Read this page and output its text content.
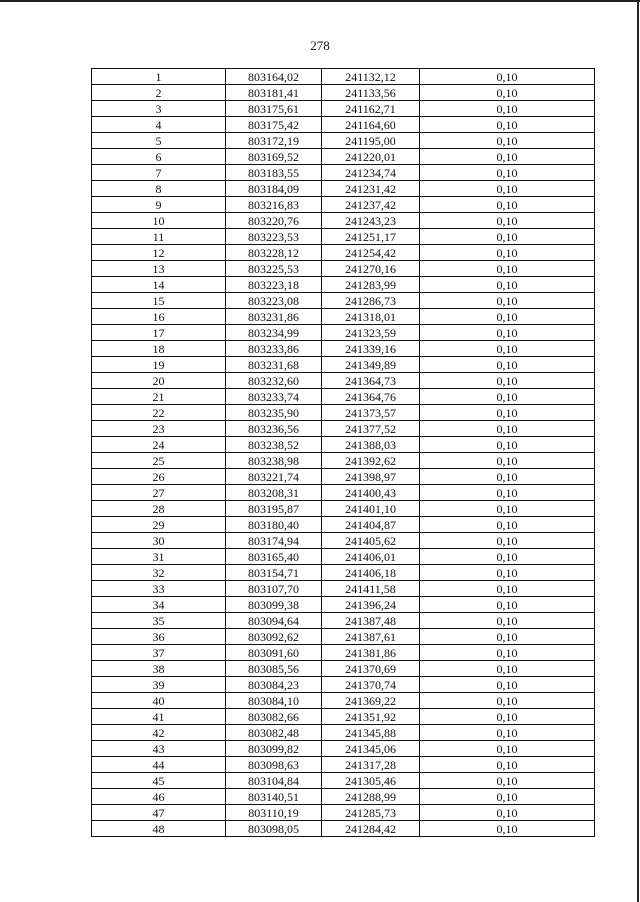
278
1	803164,02	241132,12	0,10
2	803181,41	241133,56	0,10
3	803175,61	241162,71	0,10
4	803175,42	241164,60	0,10
5	803172,19	241195,00	0,10
6	803169,52	241220,01	0,10
7	803183,55	241234,74	0,10
8	803184,09	241231,42	0,10
9	803216,83	241237,42	0,10
10	803220,76	241243,23	0,10
11	803223,53	241251,17	0,10
12	803228,12	241254,42	0,10
13	803225,53	241270,16	0,10
14	803223,18	241283,99	0,10
15	803223,08	241286,73	0,10
16	803231,86	241318,01	0,10
17	803234,99	241323,59	0,10
18	803233,86	241339,16	0,10
19	803231,68	241349,89	0,10
20	803232,60	241364,73	0,10
21	803233,74	241364,76	0,10
22	803235,90	241373,57	0,10
23	803236,56	241377,52	0,10
24	803238,52	241388,03	0,10
25	803238,98	241392,62	0,10
26	803221,74	241398,97	0,10
27	803208,31	241400,43	0,10
28	803195,87	241401,10	0,10
29	803180,40	241404,87	0,10
30	803174,94	241405,62	0,10
31	803165,40	241406,01	0,10
32	803154,71	241406,18	0,10
33	803107,70	241411,58	0,10
34	803099,38	241396,24	0,10
35	803094,64	241387,48	0,10
36	803092,62	241387,61	0,10
37	803091,60	241381,86	0,10
38	803085,56	241370,69	0,10
39	803084,23	241370,74	0,10
40	803084,10	241369,22	0,10
41	803082,66	241351,92	0,10
42	803082,48	241345,88	0,10
43	803099,82	241345,06	0,10
44	803098,63	241317,28	0,10
45	803104,84	241305,46	0,10
46	803140,51	241288,99	0,10
47	803110,19	241285,73	0,10
48	803098,05	241284,42	0,10
